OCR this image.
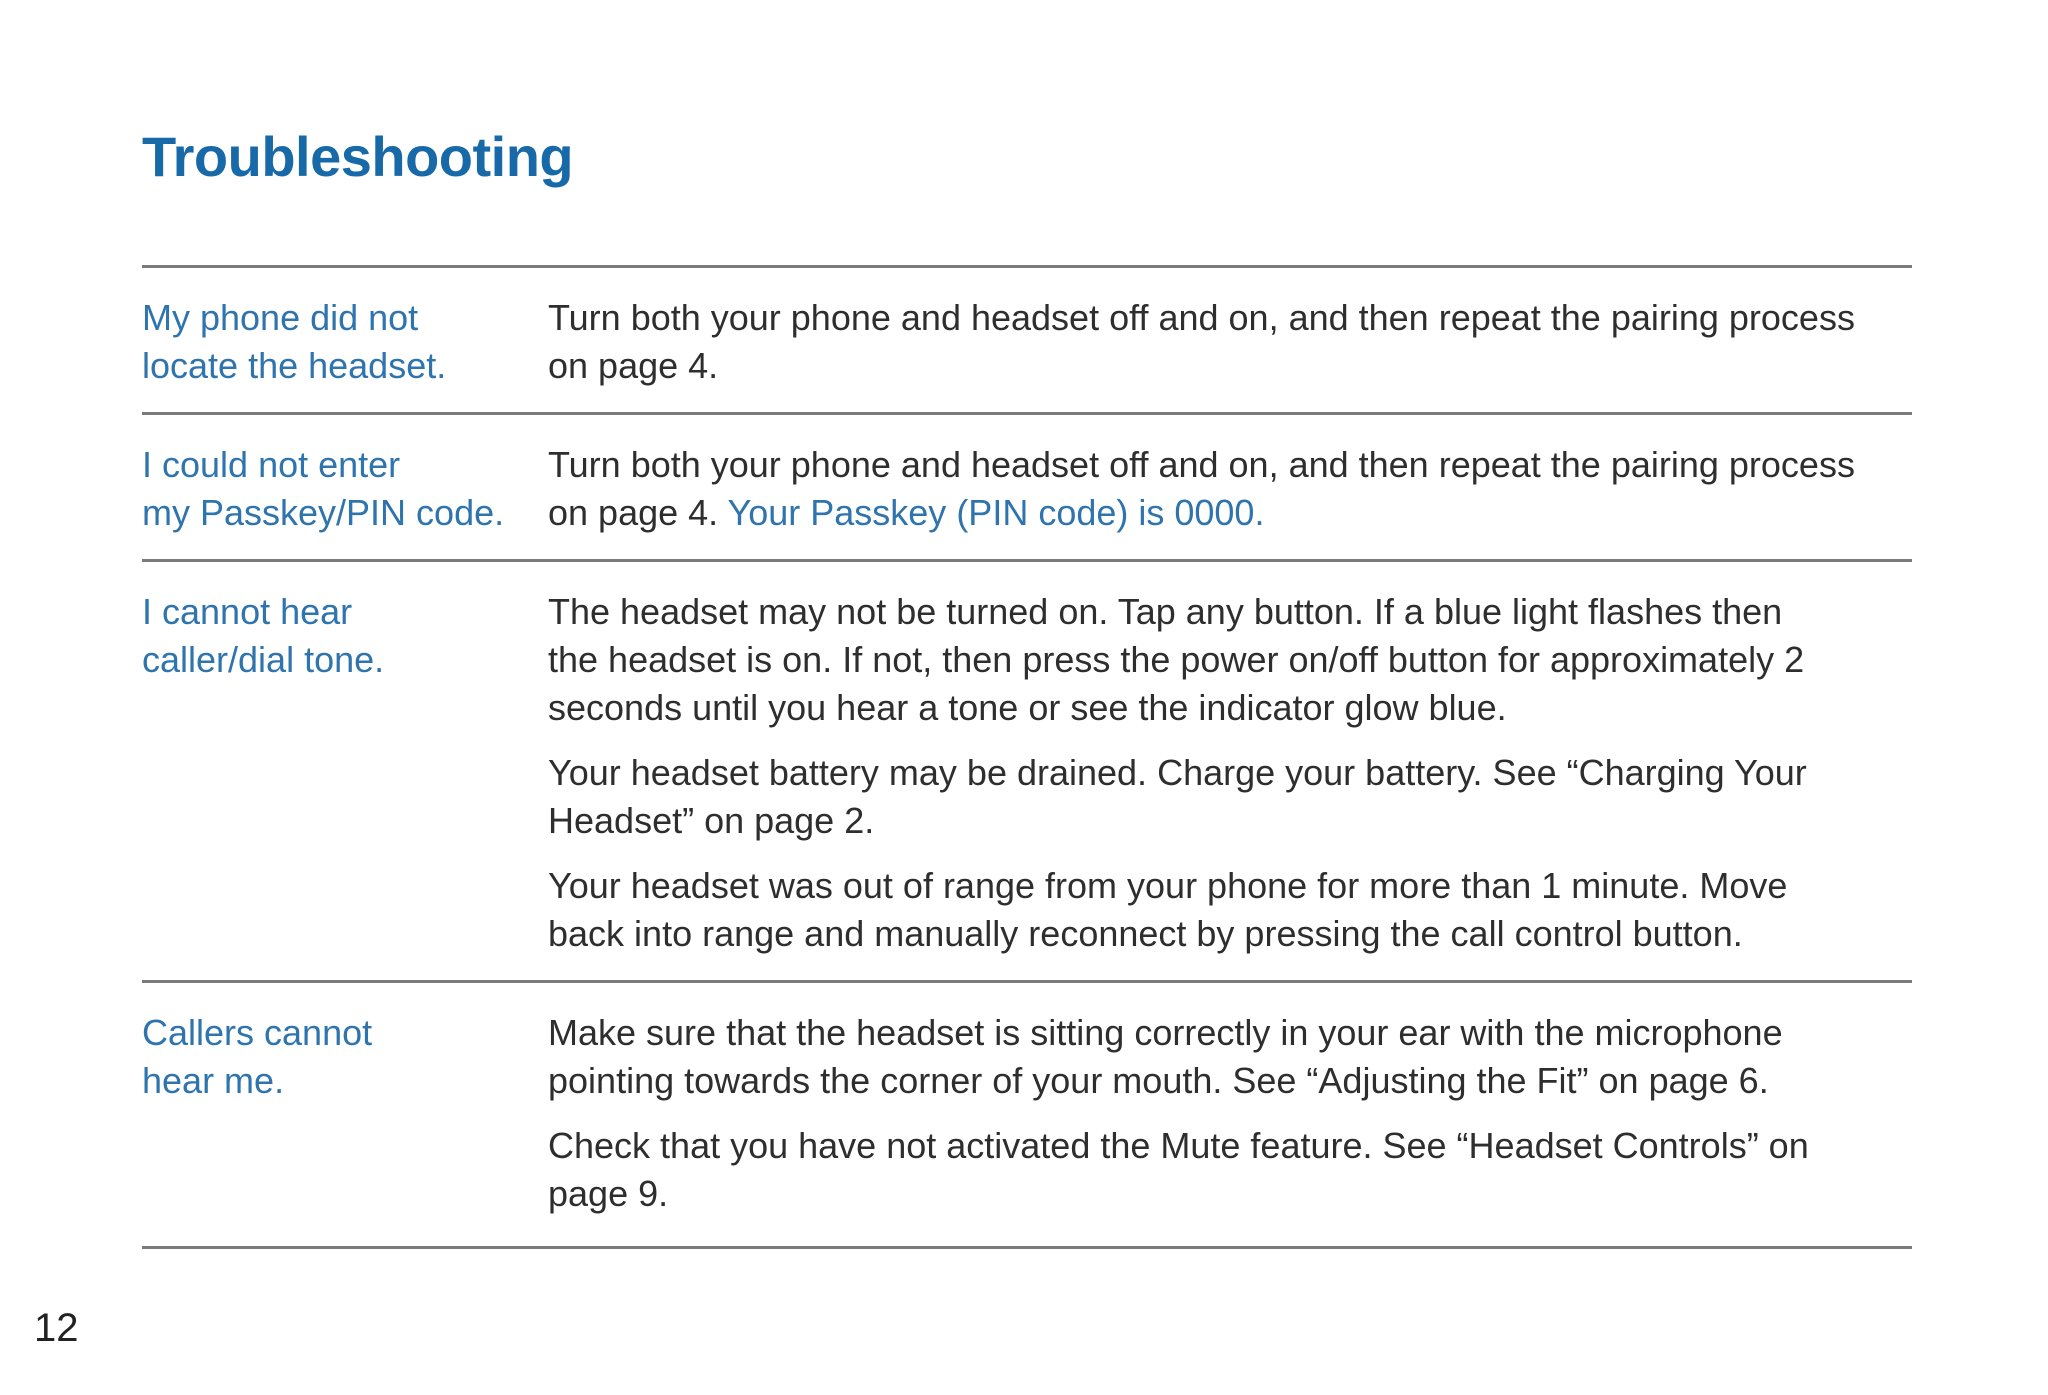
Troubleshooting
My phone did not
locate the headset.

Turn both your phone and headset off and on, and then repeat the pairing process
on page 4.

I could not enter
my Passkey/PIN code.

Turn both your phone and headset off and on, and then repeat the pairing process
on page 4. Your Passkey (PIN code) is 0000.

I cannot hear
caller/dial tone.

The headset may not be turned on. Tap any button. If a blue light flashes then
the headset is on. If not, then press the power on/off button for approximately 2
seconds until you hear a tone or see the indicator glow blue.

Your headset battery may be drained. Charge your battery. See “Charging Your
Headset” on page 2.

Your headset was out of range from your phone for more than 1 minute. Move
back into range and manually reconnect by pressing the call control button.

Callers cannot
hear me.

Make sure that the headset is sitting correctly in your ear with the microphone
pointing towards the corner of your mouth. See “Adjusting the Fit” on page 6.

Check that you have not activated the Mute feature. See “Headset Controls” on
page 9.

12
